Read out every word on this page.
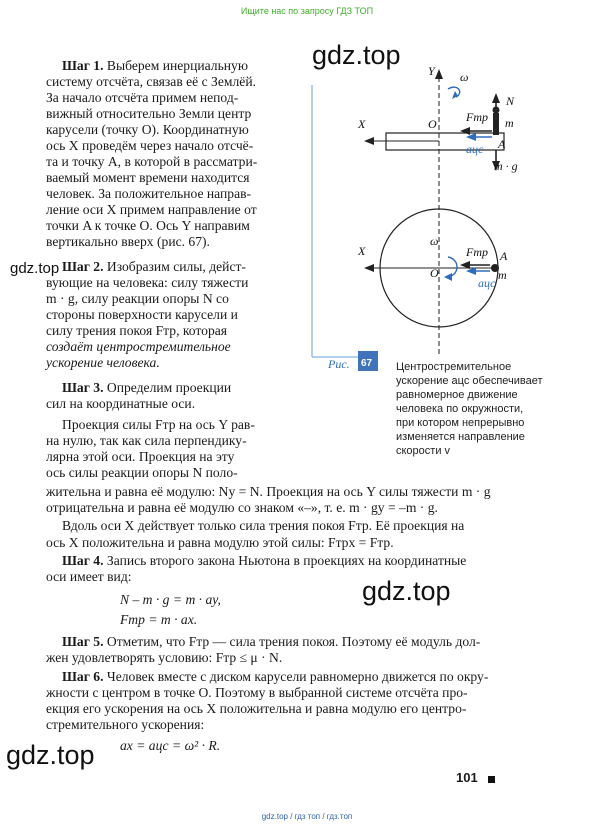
Ищите нас по запросу ГДЗ ТОП
gdz.top / гдз топ / гдз.топ
gdz.top
gdz.top
gdz.top
gdz.top
Шаг 1. Выберем инерциальную
систему отсчёта, связав её с Землёй.
За начало отсчёта примем непод-
вижный относительно Земли центр
карусели (точку O). Координатную
ось X проведём через начало отсчё-
та и точку A, в которой в рассматри-
ваемый момент времени находится
человек. За положительное направ-
ление оси X примем направление от
точки A к точке O. Ось Y направим
вертикально вверх (рис. 67).
Шаг 2. Изобразим силы, дейст-
вующие на человека: силу тяжести
m · g, силу реакции опоры N со
стороны поверхности карусели и
силу трения покоя Fтр, которая
создаёт центростремительное
ускорение человека.
Шаг 3. Определим проекции
сил на координатные оси.
Проекция силы Fтр на ось Y рав-
на нулю, так как сила перпендику-
лярна этой оси. Проекция на эту
ось силы реакции опоры N поло-
жительна и равна её модулю: Ny = N. Проекция на ось Y силы тяжести m · g
отрицательна и равна её модулю со знаком «–», т. е. m · gy = –m · g.
Вдоль оси X действует только сила трения покоя Fтр. Её проекция на
ось X положительна и равна модулю этой силы: Fтрx = Fтр.
Шаг 4. Запись второго закона Ньютона в проекциях на координатные
оси имеет вид:
N – m · g = m · ay,
Fтр = m · ax.
Шаг 5. Отметим, что Fтр — сила трения покоя. Поэтому её модуль дол-
жен удовлетворять условию: Fтр ≤ μ · N.
Шаг 6. Человек вместе с диском карусели равномерно движется по окру-
жности с центром в точке O. Поэтому в выбранной системе отсчёта про-
екция его ускорения на ось X положительна и равна модулю его центро-
стремительного ускорения:
ax = aцс = ω² · R.
Y ω
X	O
N
m
Fтр
aцс A
m · g
X
ω
O
Fтр A
aцс
m
Рис. 67 Центростремительное
ускорение aцс обеспечивает
равномерное движение
человека по окружности,
при котором непрерывно
изменяется направление
скорости v
101
